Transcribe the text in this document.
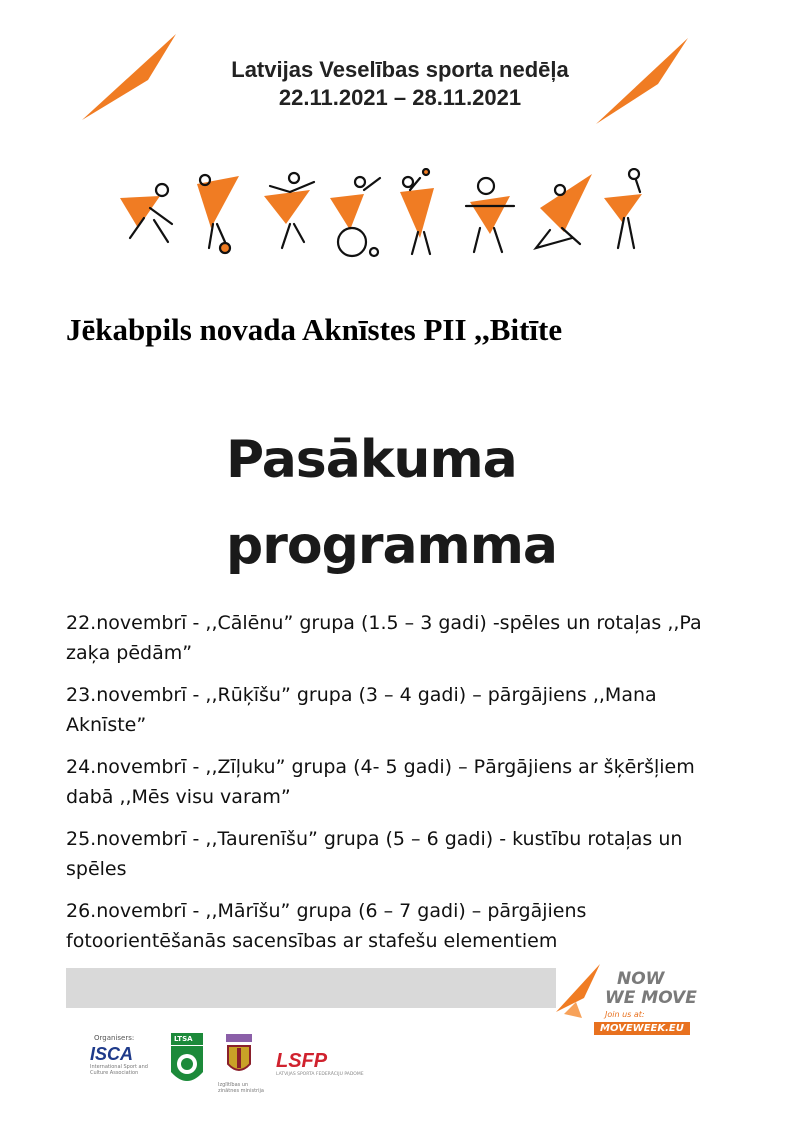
Latvijas Veselības sporta nedēļa
22.11.2021 – 28.11.2021
Jēkabpils novada Aknīstes PII ,,Bitīte
Pasākuma
programma
22.novembrī - ,,Cālēnu” grupa (1.5 – 3 gadi) -spēles un rotaļas ,,Pa zaķa pēdām”
23.novembrī - ,,Rūķīšu” grupa (3 – 4 gadi) – pārgājiens ,,Mana Aknīste”
24.novembrī - ,,Zīļuku” grupa (4- 5 gadi) – Pārgājiens ar šķēršļiem dabā ,,Mēs visu varam”
25.novembrī - ,,Taurenīšu” grupa (5 – 6 gadi) - kustību rotaļas un spēles
26.novembrī - ,,Mārīšu” grupa (6 – 7 gadi) – pārgājiens fotoorientēšanās sacensības ar stafešu elementiem
NOW
WE MOVE
Join us at:
MOVEWEEK.EU
Organisers:
ISCA
International Sport and Culture Association
LTSA
Izglītības un zinātnes ministrija
LSFP
LATVIJAS SPORTA FEDERĀCIJU PADOME
